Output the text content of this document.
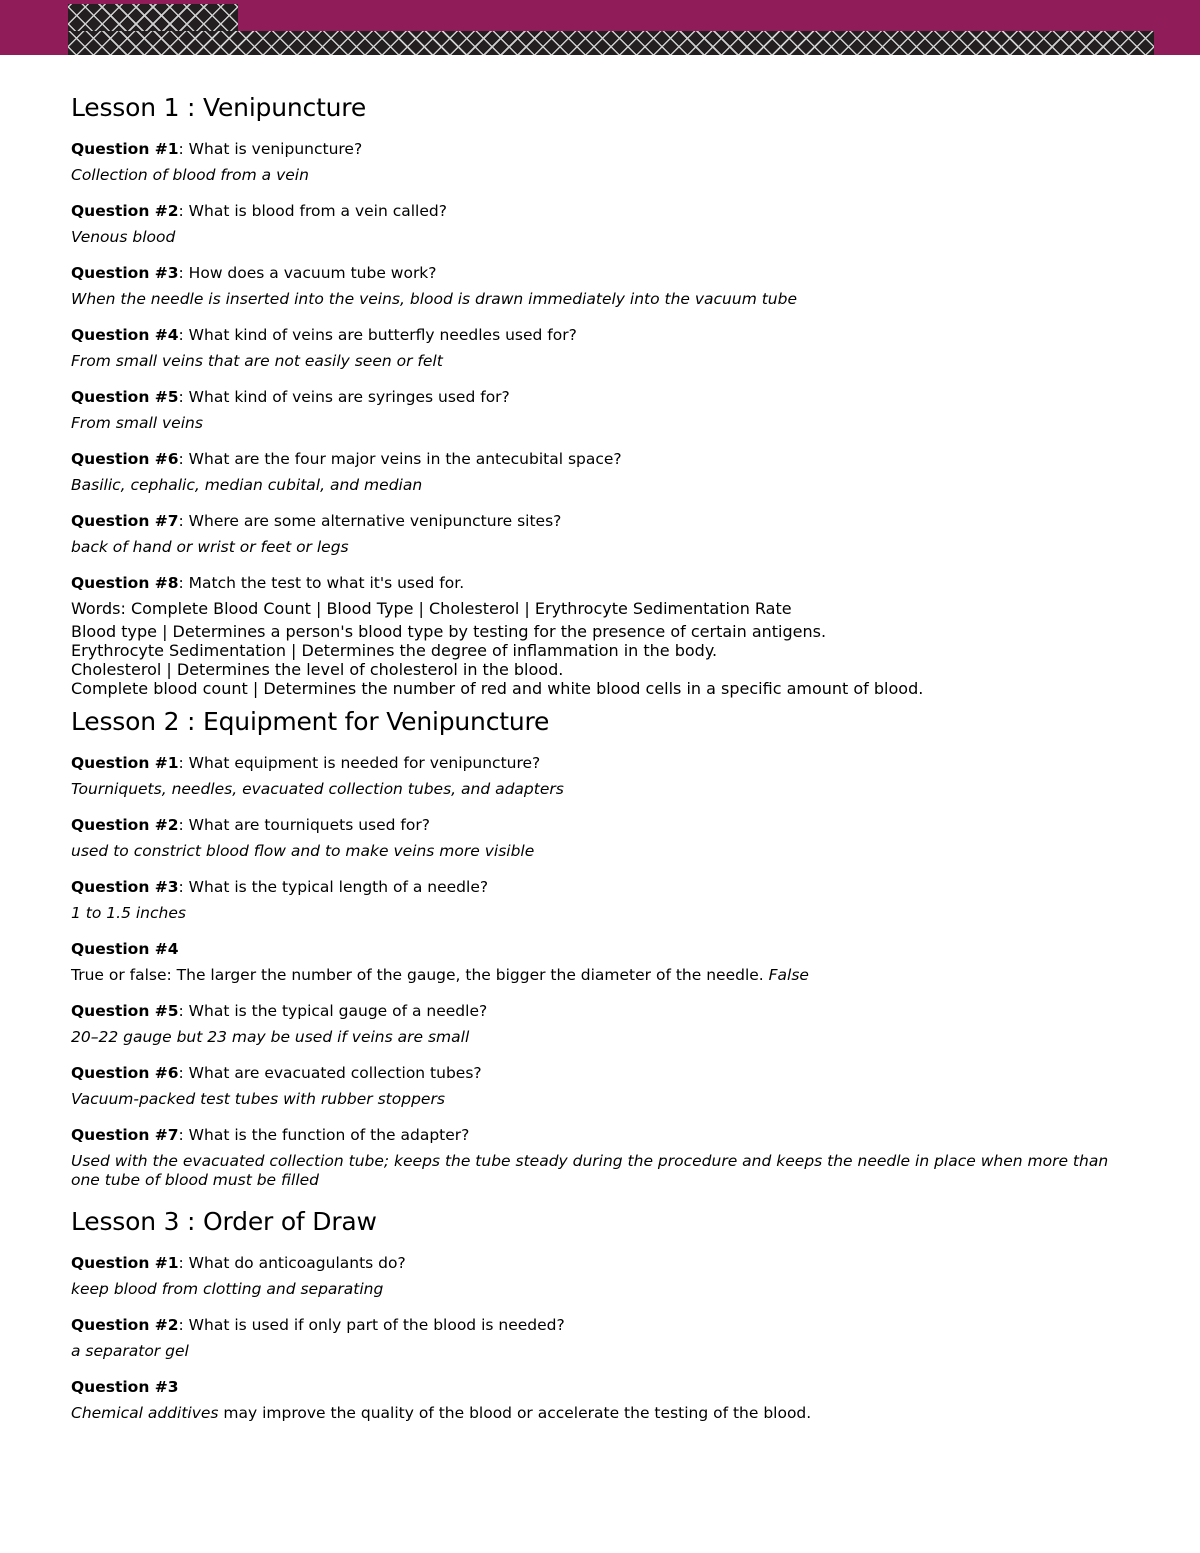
Lesson 1 : Venipuncture
Question #1: What is venipuncture?
Collection of blood from a vein
Question #2: What is blood from a vein called?
Venous blood
Question #3: How does a vacuum tube work?
When the needle is inserted into the veins, blood is drawn immediately into the vacuum tube
Question #4: What kind of veins are butterfly needles used for?
From small veins that are not easily seen or felt
Question #5: What kind of veins are syringes used for?
From small veins
Question #6: What are the four major veins in the antecubital space?
Basilic, cephalic, median cubital, and median
Question #7: Where are some alternative venipuncture sites?
back of hand or wrist or feet or legs
Question #8: Match the test to what it's used for.
Words: Complete Blood Count | Blood Type | Cholesterol | Erythrocyte Sedimentation Rate
Blood type | Determines a person's blood type by testing for the presence of certain antigens.
Erythrocyte Sedimentation | Determines the degree of inflammation in the body.
Cholesterol | Determines the level of cholesterol in the blood.
Complete blood count | Determines the number of red and white blood cells in a specific amount of blood.
Lesson 2 : Equipment for Venipuncture
Question #1: What equipment is needed for venipuncture?
Tourniquets, needles, evacuated collection tubes, and adapters
Question #2: What are tourniquets used for?
used to constrict blood flow and to make veins more visible
Question #3: What is the typical length of a needle?
1 to 1.5 inches
Question #4
True or false: The larger the number of the gauge, the bigger the diameter of the needle. False
Question #5: What is the typical gauge of a needle?
20–22 gauge but 23 may be used if veins are small
Question #6: What are evacuated collection tubes?
Vacuum-packed test tubes with rubber stoppers
Question #7: What is the function of the adapter?
Used with the evacuated collection tube; keeps the tube steady during the procedure and keeps the needle in place when more than one tube of blood must be filled
Lesson 3 : Order of Draw
Question #1: What do anticoagulants do?
keep blood from clotting and separating
Question #2: What is used if only part of the blood is needed?
a separator gel
Question #3
Chemical additives may improve the quality of the blood or accelerate the testing of the blood.
